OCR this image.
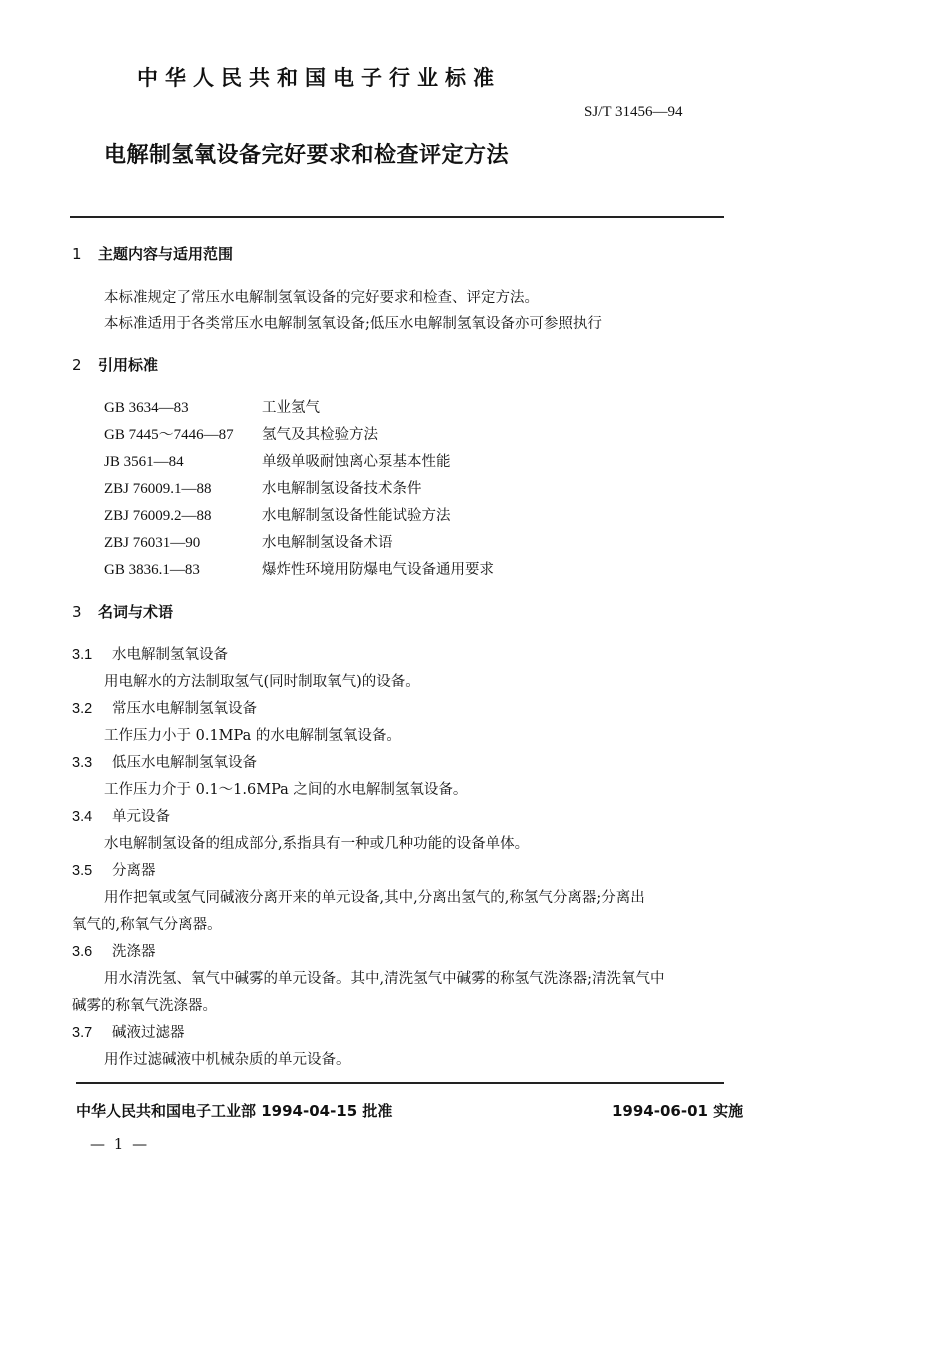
中华人民共和国电子行业标准
SJ/T 31456—94
电解制氢氧设备完好要求和检查评定方法
1 主题内容与适用范围
本标准规定了常压水电解制氢氧设备的完好要求和检查、评定方法。
本标准适用于各类常压水电解制氢氧设备;低压水电解制氢氧设备亦可参照执行
2 引用标准
GB 3634—83	工业氢气
GB 7445～7446—87 氢气及其检验方法
JB 3561—84	单级单吸耐蚀离心泵基本性能
ZBJ 76009.1—88	水电解制氢设备技术条件
ZBJ 76009.2—88	水电解制氢设备性能试验方法
ZBJ 76031—90	水电解制氢设备术语
GB 3836.1—83	爆炸性环境用防爆电气设备通用要求
3 名词与术语
3.1 水电解制氢氧设备
用电解水的方法制取氢气(同时制取氧气)的设备。
3.2 常压水电解制氢氧设备
工作压力小于 0.1MPa 的水电解制氢氧设备。
3.3 低压水电解制氢氧设备
工作压力介于 0.1～1.6MPa 之间的水电解制氢氧设备。
3.4 单元设备
水电解制氢设备的组成部分,系指具有一种或几种功能的设备单体。
3.5 分离器
用作把氧或氢气同碱液分离开来的单元设备,其中,分离出氢气的,称氢气分离器;分离出
氧气的,称氧气分离器。
3.6 洗涤器
用水清洗氢、氧气中碱雾的单元设备。其中,清洗氢气中碱雾的称氢气洗涤器;清洗氧气中
碱雾的称氧气洗涤器。
3.7 碱液过滤器
用作过滤碱液中机械杂质的单元设备。
中华人民共和国电子工业部 1994-04-15 批准	1994-06-01 实施
— 1 —
